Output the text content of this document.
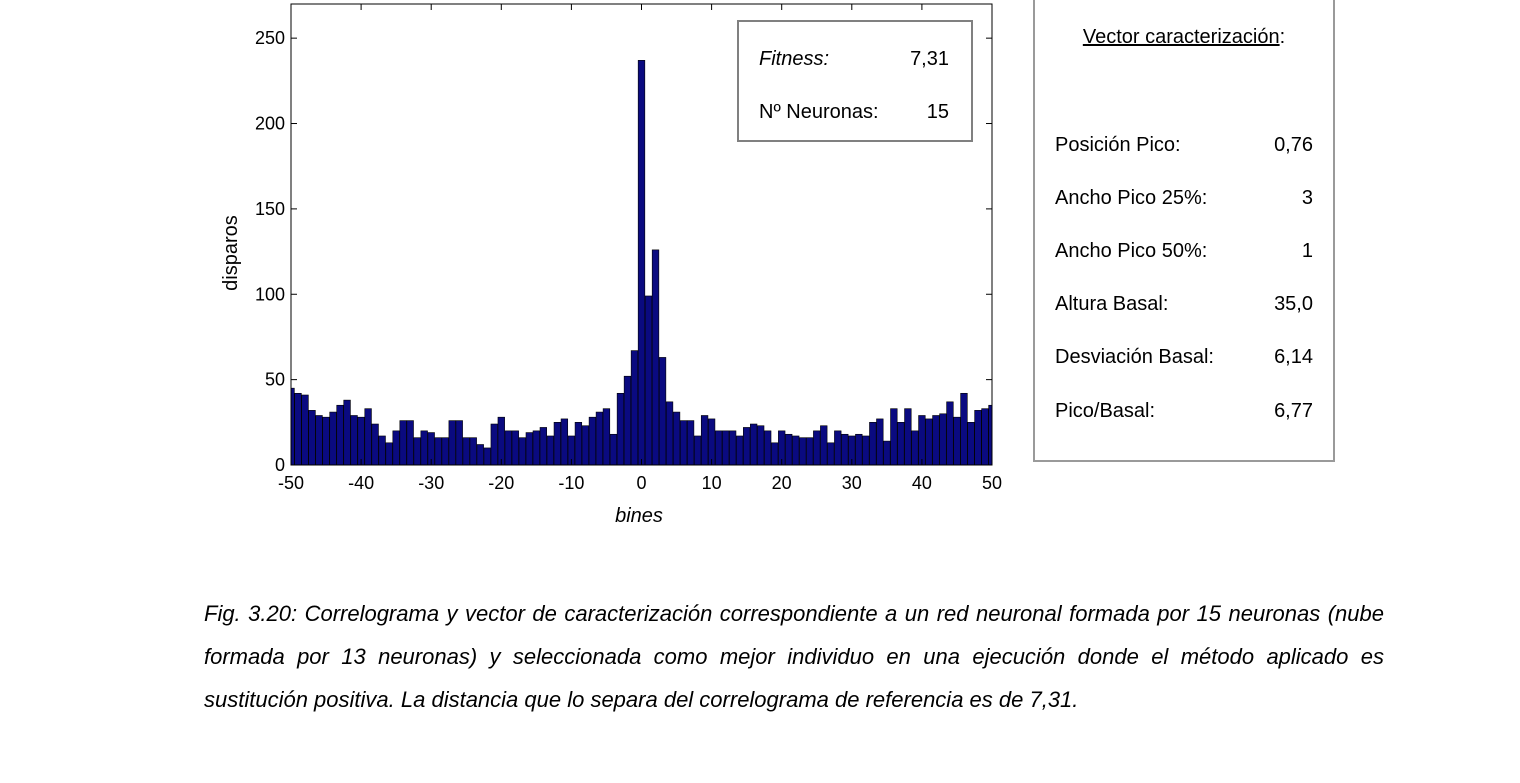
-50 -40 -30 -20 -10	0	10	20	30	40	50
0
50
100
150
200
250
bines
disparos
Fitness:	7,31
Nº Neuronas: 15
Vector caracterización:
Posición Pico:	0,76
Ancho Pico 25%:	3
Ancho Pico 50%:	1
Altura Basal:	35,0
Desviación Basal:	6,14
Pico/Basal:	6,77
Fig. 3.20: Correlograma y vector de caracterización correspondiente a un red neuronal formada por 15 neuronas (nube formada por 13 neuronas) y seleccionada como mejor individuo en una ejecución donde el método aplicado es sustitución positiva. La distancia que lo separa del correlograma de referencia es de 7,31.
